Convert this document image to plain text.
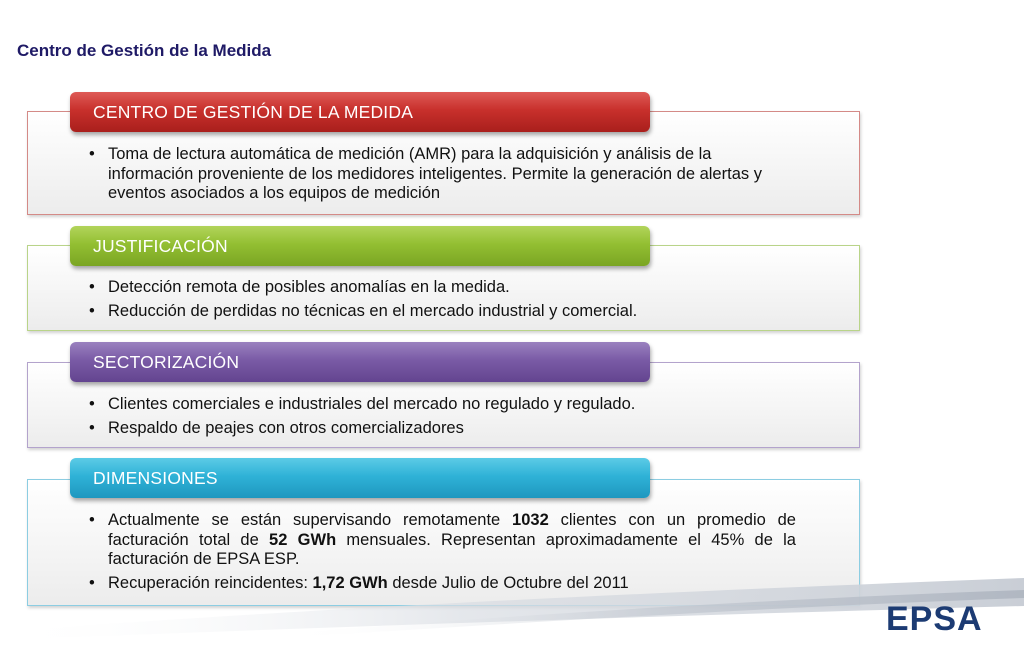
Centro de Gestión de la Medida
CENTRO DE GESTIÓN DE LA MEDIDA
• Toma de lectura automática de medición (AMR) para la adquisición y análisis de la información proveniente de los medidores inteligentes. Permite la generación de alertas y eventos asociados a los equipos de medición
JUSTIFICACIÓN
• Detección remota de posibles anomalías en la medida.
• Reducción de perdidas no técnicas en el mercado industrial y comercial.
SECTORIZACIÓN
• Clientes comerciales e industriales del mercado no regulado y regulado.
• Respaldo de peajes con otros comercializadores
DIMENSIONES
• Actualmente se están supervisando remotamente 1032 clientes con un promedio de facturación total de 52 GWh mensuales. Representan aproximadamente el 45% de la facturación de EPSA ESP.
• Recuperación reincidentes: 1,72 GWh desde Julio de Octubre del 2011
EPSA
